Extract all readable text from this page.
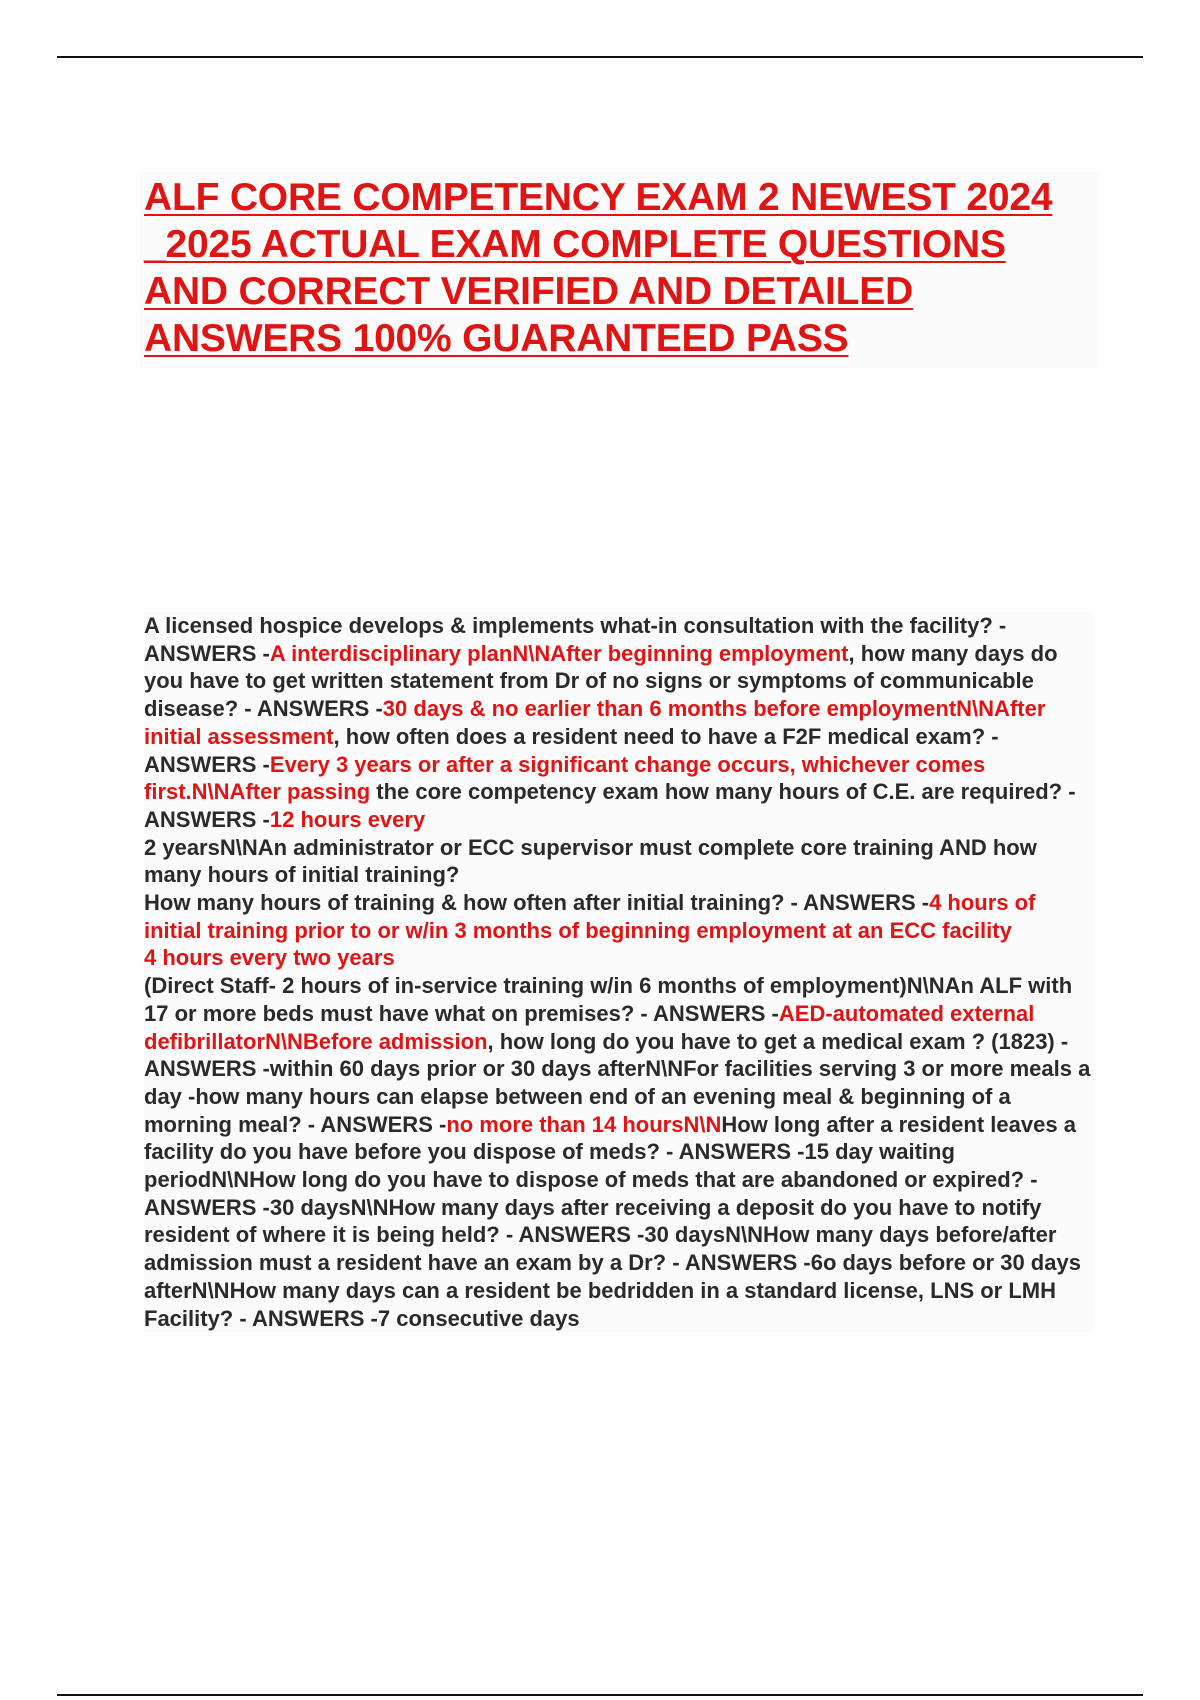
ALF CORE COMPETENCY EXAM 2 NEWEST 2024 _2025 ACTUAL EXAM COMPLETE QUESTIONS AND CORRECT VERIFIED AND DETAILED ANSWERS 100% GUARANTEED PASS

A licensed hospice develops & implements what-in consultation with the facility? - ANSWERS -A interdisciplinary planN\NAfter beginning employment, how many days do you have to get written statement from Dr of no signs or symptoms of communicable disease? - ANSWERS -30 days & no earlier than 6 months before employmentN\NAfter initial assessment, how often does a resident need to have a F2F medical exam? - ANSWERS -Every 3 years or after a significant change occurs, whichever comes first.N\NAfter passing the core competency exam how many hours of C.E. are required? - ANSWERS -12 hours every

2 yearsN\NAn administrator or ECC supervisor must complete core training AND how many hours of initial training?

How many hours of training & how often after initial training? - ANSWERS -4 hours of initial training prior to or w/in 3 months of beginning employment at an ECC facility

4 hours every two years

(Direct Staff- 2 hours of in-service training w/in 6 months of employment)N\NAn ALF with 17 or more beds must have what on premises? - ANSWERS -AED-automated external defibrillatorN\NBefore admission, how long do you have to get a medical exam ? (1823) - ANSWERS -within 60 days prior or 30 days afterN\NFor facilities serving 3 or more meals a day -how many hours can elapse between end of an evening meal & beginning of a morning meal? - ANSWERS -no more than 14 hoursN\NHow long after a resident leaves a facility do you have before you dispose of meds? - ANSWERS -15 day waiting periodN\NHow long do you have to dispose of meds that are abandoned or expired? - ANSWERS -30 daysN\NHow many days after receiving a deposit do you have to notify resident of where it is being held? - ANSWERS -30 daysN\NHow many days before/after admission must a resident have an exam by a Dr? - ANSWERS -6o days before or 30 days afterN\NHow many days can a resident be bedridden in a standard license, LNS or LMH Facility? - ANSWERS -7 consecutive days
